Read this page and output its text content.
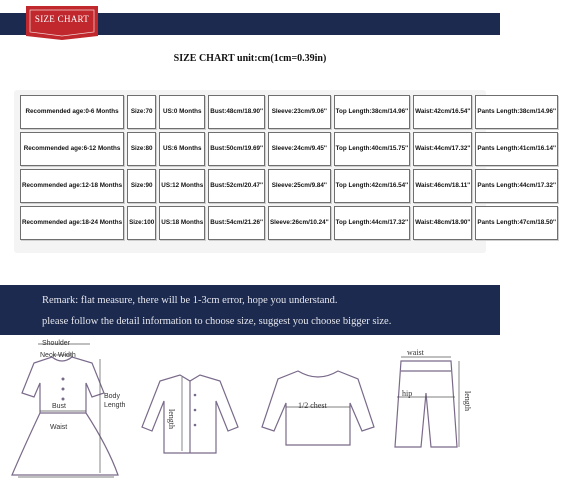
SIZE CHART
SIZE CHART unit:cm(1cm=0.39in)
Recommended age:0-6 Months	Size:70	US:0 Months	Bust:48cm/18.90''	Sleeve:23cm/9.06''	Top Length:38cm/14.96''	Waist:42cm/16.54''	Pants Length:38cm/14.96''
Recommended age:6-12 Months	Size:80	US:6 Months	Bust:50cm/19.69''	Sleeve:24cm/9.45''	Top Length:40cm/15.75''	Waist:44cm/17.32''	Pants Length:41cm/16.14''
Recommended age:12-18 Months	Size:90	US:12 Months	Bust:52cm/20.47''	Sleeve:25cm/9.84''	Top Length:42cm/16.54''	Waist:46cm/18.11''	Pants Length:44cm/17.32''
Recommended age:18-24 Months	Size:100	US:18 Months	Bust:54cm/21.26''	Sleeve:26cm/10.24''	Top Length:44cm/17.32''	Waist:48cm/18.90''	Pants Length:47cm/18.50''

Remark: flat measure, there will be 1-3cm error, hope you understand.

please follow the detail information to choose size, suggest you choose bigger size.

Shoulder
Neck Width
Body
Length
Bust
Waist	length
1/2 chest
waist
hip	length
